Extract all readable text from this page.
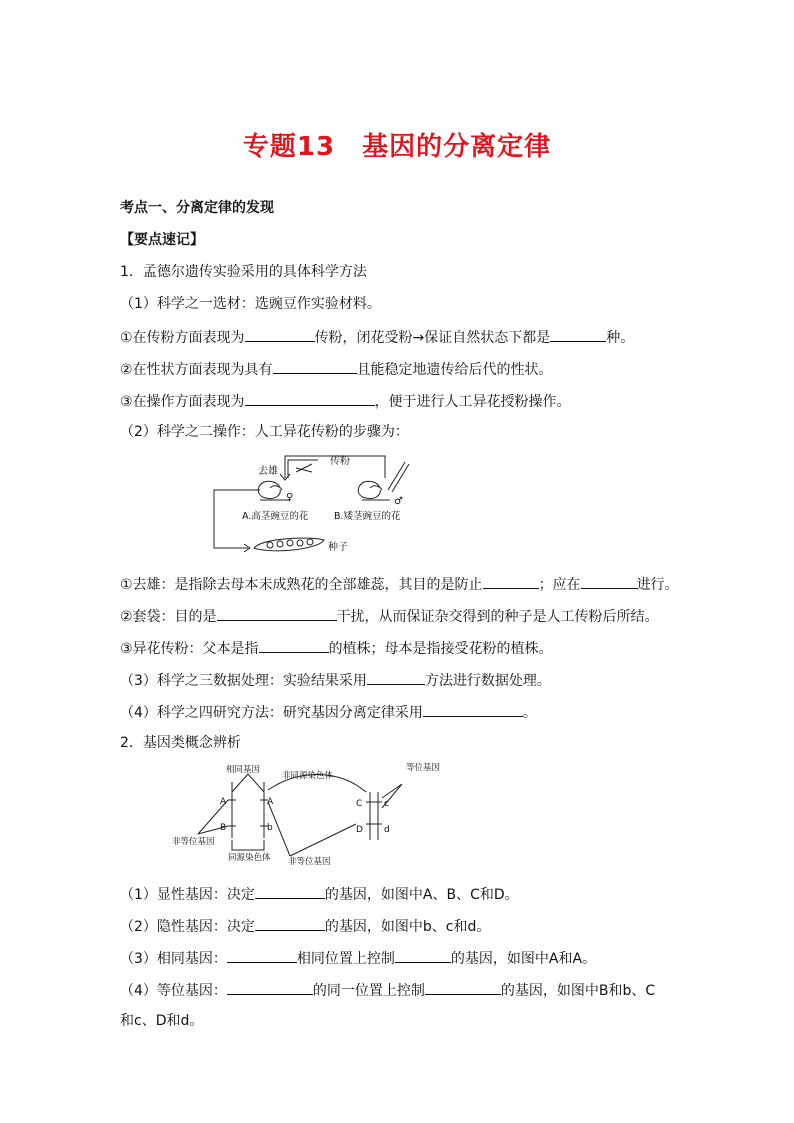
专题13　基因的分离定律
考点一、分离定律的发现
【要点速记】
1．孟德尔遗传实验采用的具体科学方法
（1）科学之一选材：选豌豆作实验材料。
①在传粉方面表现为	传粉，闭花受粉→保证自然状态下都是	种。
②在性状方面表现为具有	且能稳定地遗传给后代的性状。
③在操作方面表现为	，便于进行人工异花授粉操作。
（2）科学之二操作：人工异花传粉的步骤为：
传粉
去雄
♀	♂
A.高茎豌豆的花	B.矮茎豌豆的花
种子
①去雄：是指除去母本未成熟花的全部雄蕊，其目的是防止	；应在	进行。
②套袋：目的是	干扰，从而保证杂交得到的种子是人工传粉后所结。
③异花传粉：父本是指	的植株；母本是指接受花粉的植株。
（3）科学之三数据处理：实验结果采用	方法进行数据处理。
（4）科学之四研究方法：研究基因分离定律采用	。
2．基因类概念辨析
相同基因
非同源染色体
等位基因
非等位基因
同源染色体 非等位基因
A	A
B	b
C c
D d
（1）显性基因：决定	的基因，如图中A、B、C和D。
（2）隐性基因：决定	的基因，如图中b、c和d。
（3）相同基因：	相同位置上控制	的基因，如图中A和A。
（4）等位基因：	的同一位置上控制	的基因，如图中B和b、C
和c、D和d。
